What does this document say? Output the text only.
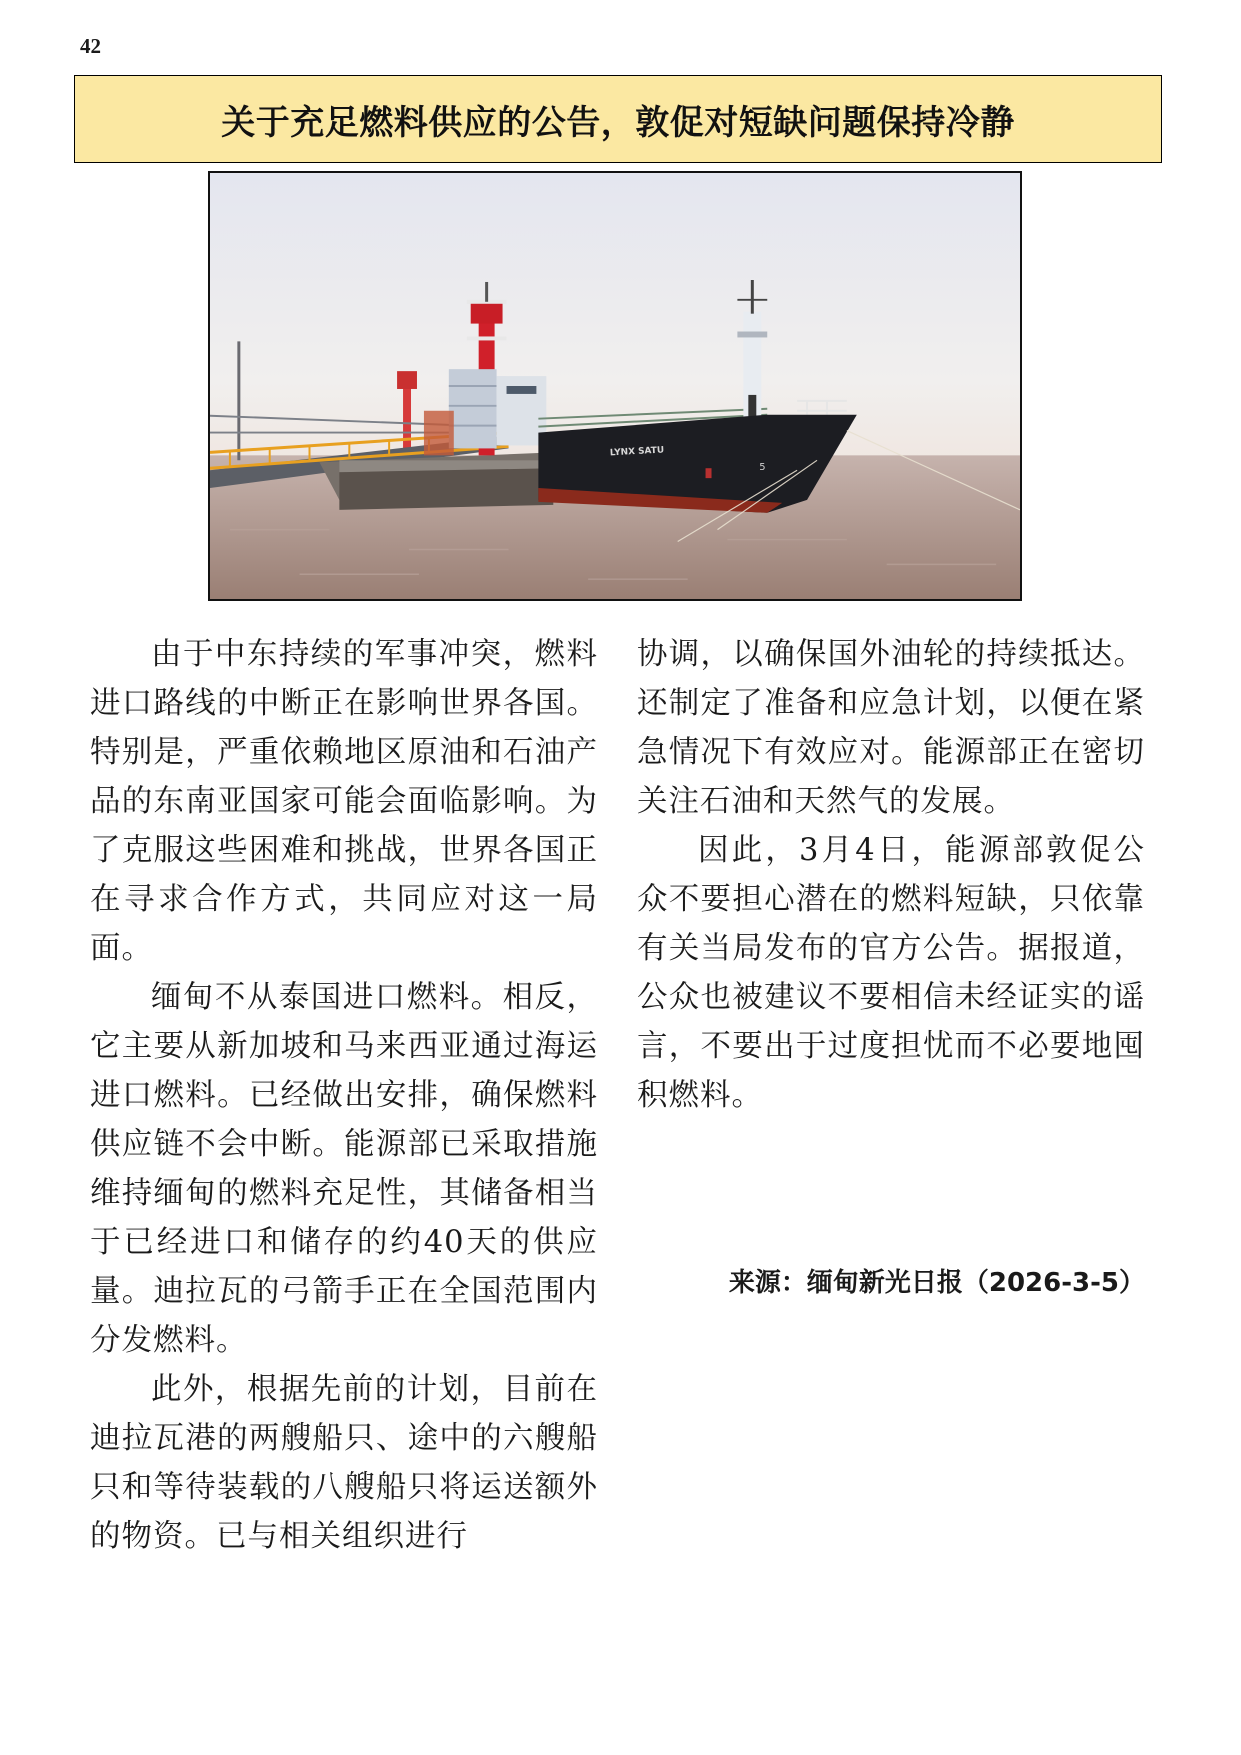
42
关于充足燃料供应的公告，敦促对短缺问题保持冷静
LYNX SATU
5

由于中东持续的军事冲突，燃料进口路线的中断正在影响世界各国。特别是，严重依赖地区原油和石油产品的东南亚国家可能会面临影响。为了克服这些困难和挑战，世界各国正在寻求合作方式，共同应对这一局面。

缅甸不从泰国进口燃料。相反，它主要从新加坡和马来西亚通过海运进口燃料。已经做出安排，确保燃料供应链不会中断。能源部已采取措施维持缅甸的燃料充足性，其储备相当于已经进口和储存的约40天的供应量。迪拉瓦的弓箭手正在全国范围内分发燃料。

此外，根据先前的计划，目前在迪拉瓦港的两艘船只、途中的六艘船只和等待装载的八艘船只将运送额外的物资。已与相关组织进行

协调，以确保国外油轮的持续抵达。还制定了准备和应急计划，以便在紧急情况下有效应对。能源部正在密切关注石油和天然气的发展。

因此，3月4日，能源部敦促公众不要担心潜在的燃料短缺，只依靠有关当局发布的官方公告。据报道，公众也被建议不要相信未经证实的谣言，不要出于过度担忧而不必要地囤积燃料。

来源：缅甸新光日报（2026-3-5）
